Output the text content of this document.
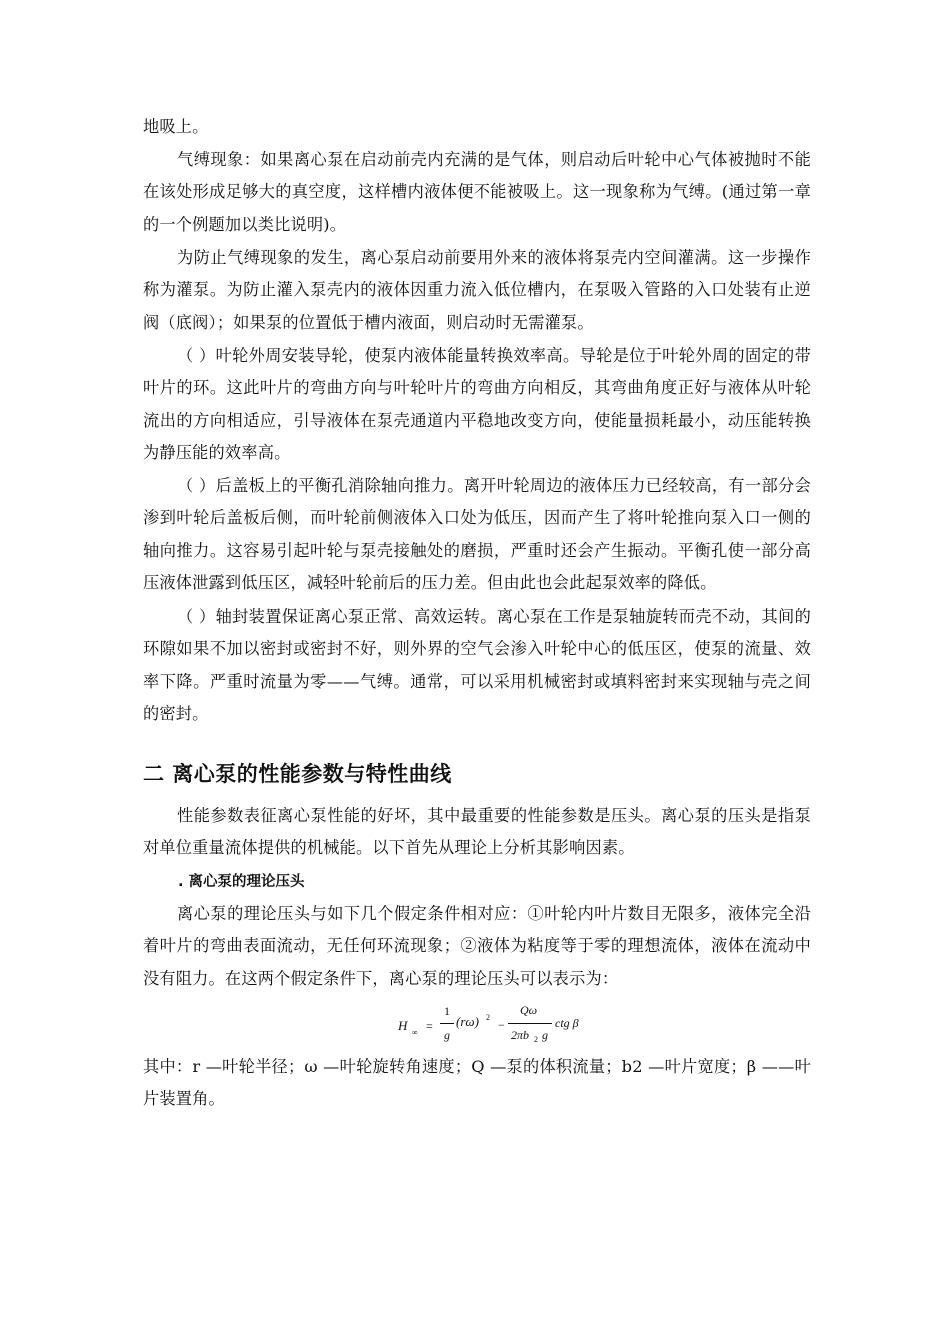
地吸上。

气缚现象：如果离心泵在启动前壳内充满的是气体，则启动后叶轮中心气体被抛时不能在该处形成足够大的真空度，这样槽内液体便不能被吸上。这一现象称为气缚。(通过第一章的一个例题加以类比说明)。

为防止气缚现象的发生，离心泵启动前要用外来的液体将泵壳内空间灌满。这一步操作称为灌泵。为防止灌入泵壳内的液体因重力流入低位槽内，在泵吸入管路的入口处装有止逆阀（底阀）；如果泵的位置低于槽内液面，则启动时无需灌泵。

（ ）叶轮外周安装导轮，使泵内液体能量转换效率高。导轮是位于叶轮外周的固定的带叶片的环。这此叶片的弯曲方向与叶轮叶片的弯曲方向相反，其弯曲角度正好与液体从叶轮流出的方向相适应，引导液体在泵壳通道内平稳地改变方向，使能量损耗最小，动压能转换为静压能的效率高。

（ ）后盖板上的平衡孔消除轴向推力。离开叶轮周边的液体压力已经较高，有一部分会渗到叶轮后盖板后侧，而叶轮前侧液体入口处为低压，因而产生了将叶轮推向泵入口一侧的轴向推力。这容易引起叶轮与泵壳接触处的磨损，严重时还会产生振动。平衡孔使一部分高压液体泄露到低压区，减轻叶轮前后的压力差。但由此也会此起泵效率的降低。

（ ）轴封装置保证离心泵正常、高效运转。离心泵在工作是泵轴旋转而壳不动，其间的环隙如果不加以密封或密封不好，则外界的空气会渗入叶轮中心的低压区，使泵的流量、效率下降。严重时流量为零——气缚。通常，可以采用机械密封或填料密封来实现轴与壳之间的密封。

二 离心泵的性能参数与特性曲线

性能参数表征离心泵性能的好坏，其中最重要的性能参数是压头。离心泵的压头是指泵对单位重量流体提供的机械能。以下首先从理论上分析其影响因素。

. 离心泵的理论压头

离心泵的理论压头与如下几个假定条件相对应：①叶轮内叶片数目无限多，液体完全沿着叶片的弯曲表面流动，无任何环流现象；②液体为粘度等于零的理想流体，液体在流动中没有阻力。在这两个假定条件下，离心泵的理论压头可以表示为：

H ∞ =
1
g
(rω) 2
−
Qω
2πb 2 g
ctg β

其中：r —叶轮半径；ω —叶轮旋转角速度；Q —泵的体积流量；b2 —叶片宽度；β ——叶片装置角。
